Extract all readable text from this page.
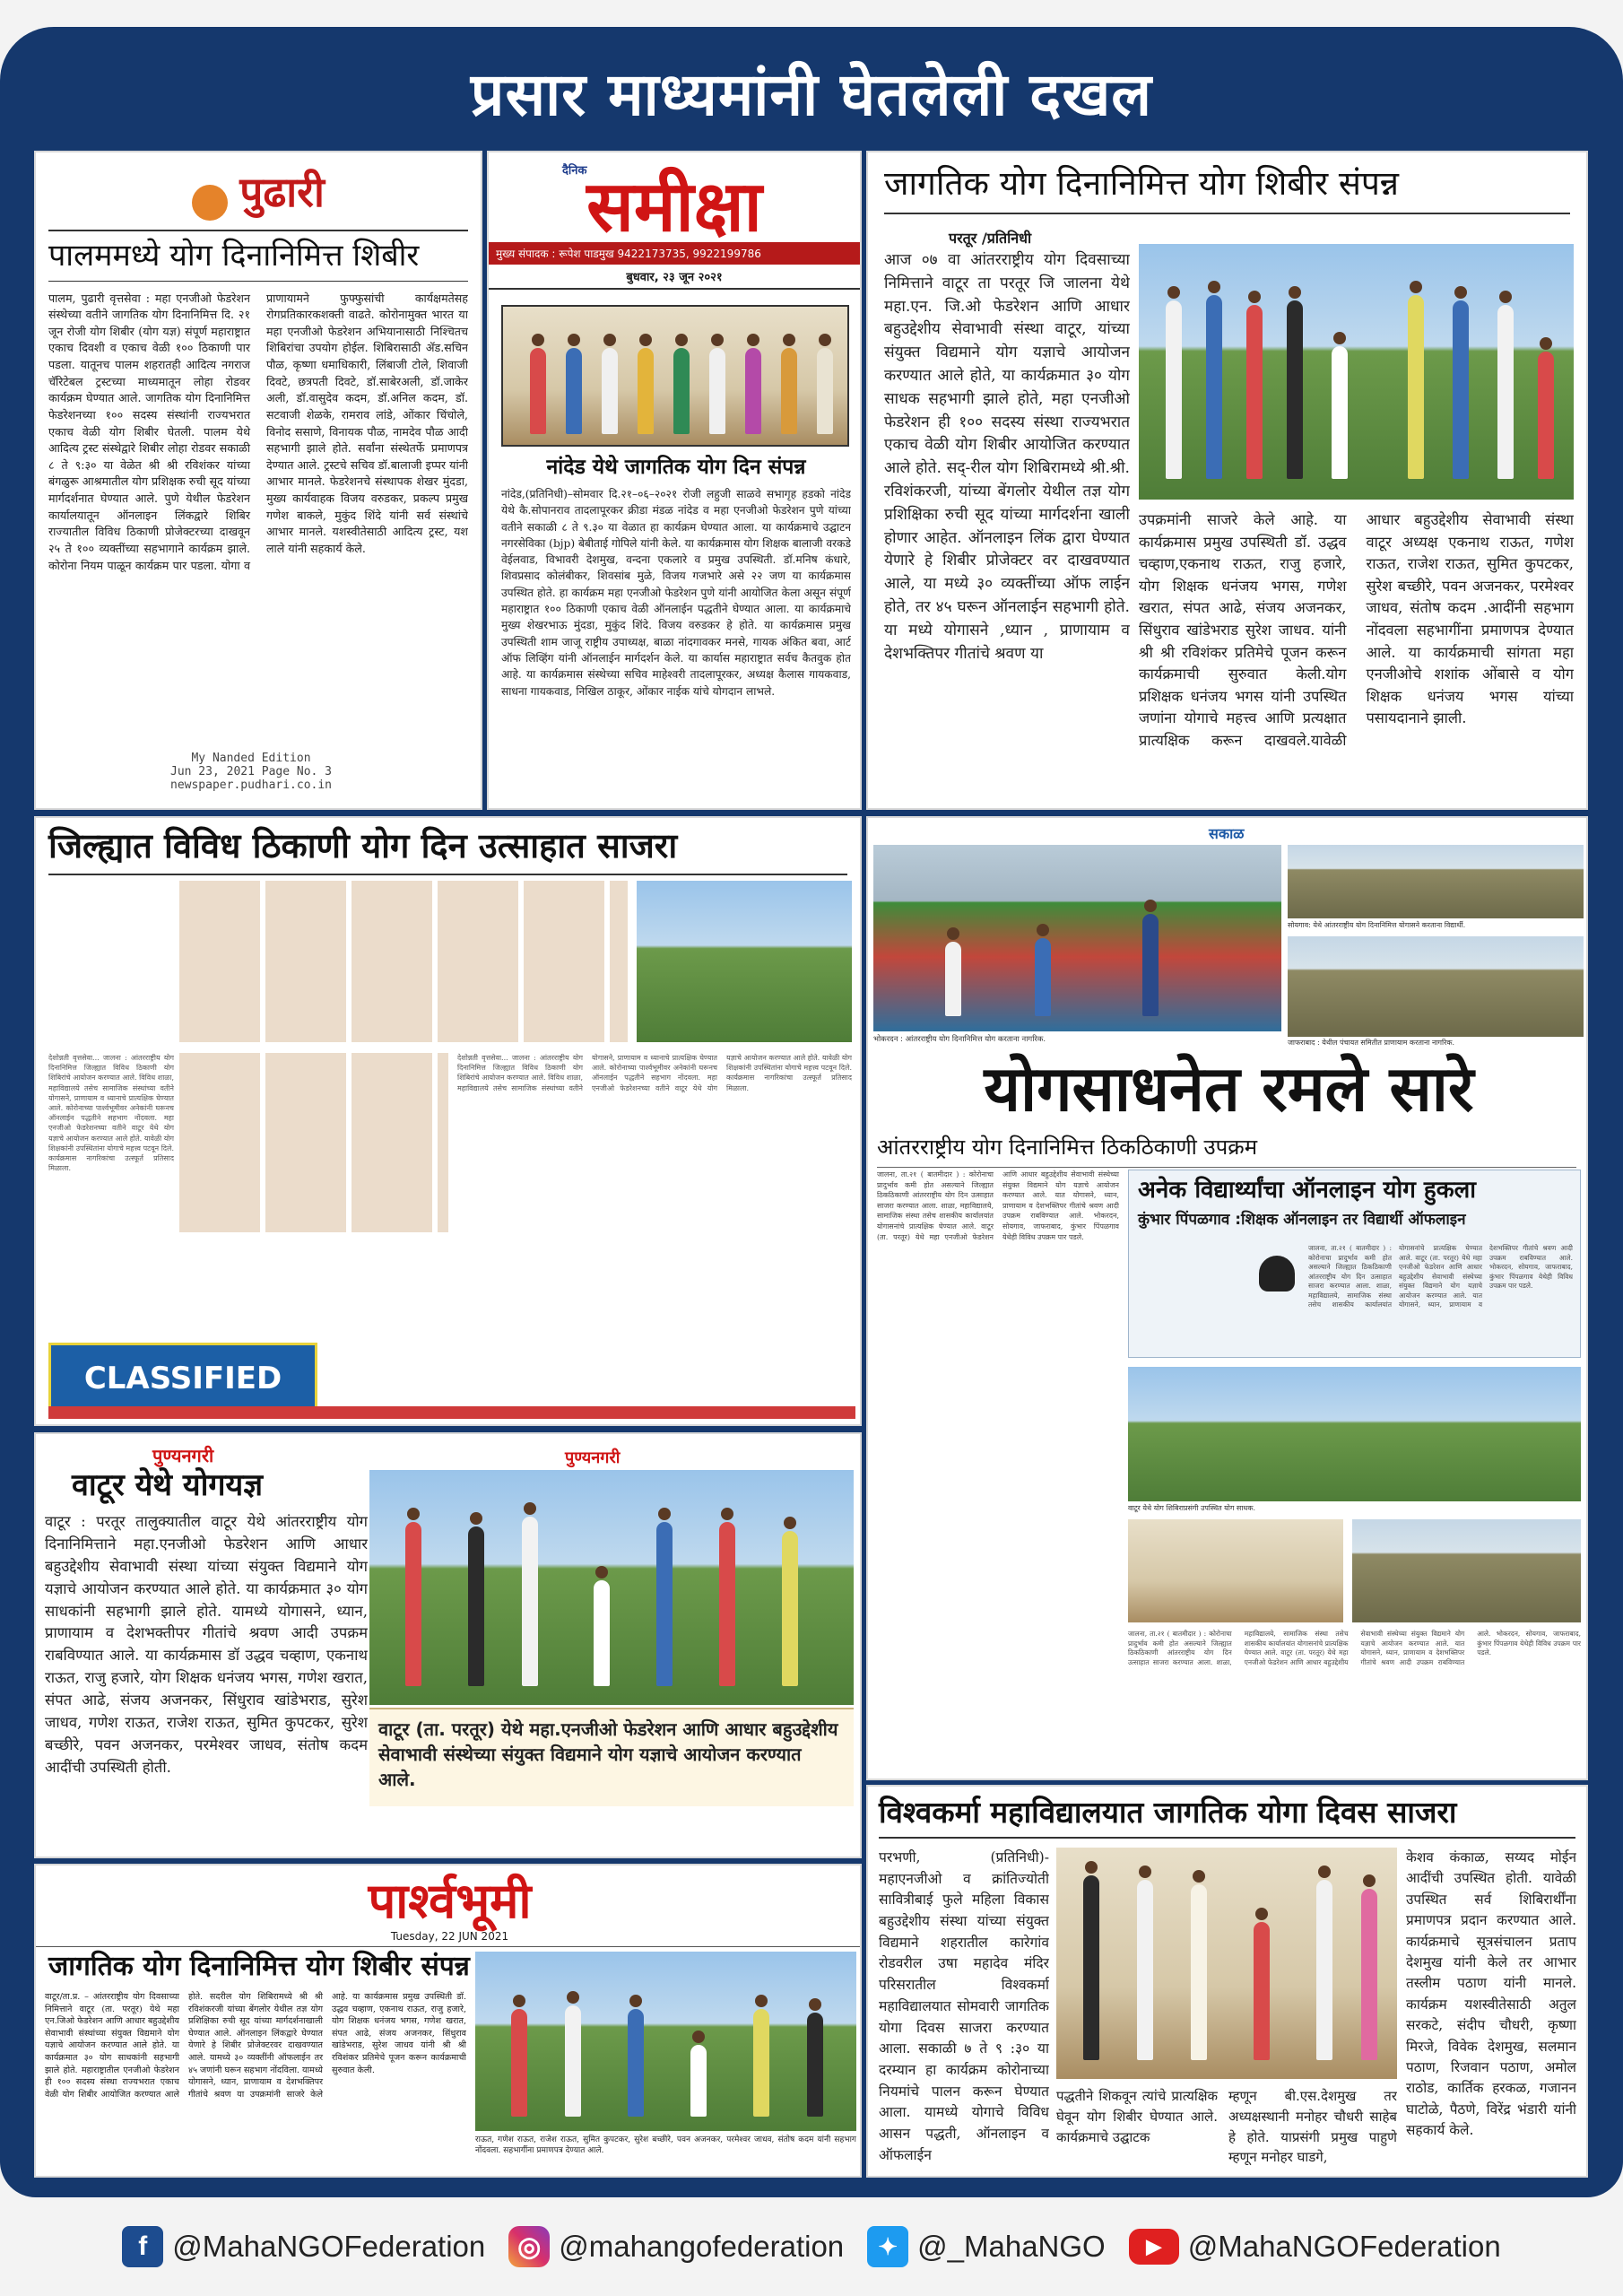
प्रसार माध्यमांनी घेतलेली दखल
पुढारी
पालममध्ये योग दिनानिमित्त शिबीर
पालम, पुढारी वृत्तसेवा : महा एनजीओ फेडरेशन संस्थेच्या वतीने जागतिक योग दिनानिमित्त दि. २१ जून रोजी योग शिबीर (योग यज्ञ) संपूर्ण महाराष्ट्रात एकाच दिवशी व एकाच वेळी १०० ठिकाणी पार पडला. यातूनच पालम शहरातही आदित्य नगराज चॅरिटेबल ट्रस्टच्या माध्यमातून लोहा रोडवर कार्यक्रम घेण्यात आले. जागतिक योग दिनानिमित्त फेडरेशनच्या १०० सदस्य संस्थांनी राज्यभरात एकाच वेळी योग शिबीर घेतली. पालम येथे आदित्य ट्रस्ट संस्थेद्वारे शिबीर लोहा रोडवर सकाळी ८ ते ९:३० या वेळेत श्री श्री रविशंकर यांच्या बंगळुरू आश्रमातील योग प्रशिक्षक रुची सूद यांच्या मार्गदर्शनात घेण्यात आले. पुणे येथील फेडरेशन कार्यालयातून ऑनलाइन लिंकद्वारे शिबिर राज्यातील विविध ठिकाणी प्रोजेक्टरच्या दाखवून २५ ते १०० व्यक्तींच्या सहभागाने कार्यक्रम झाले. कोरोना नियम पाळून कार्यक्रम पार पडला. योगा व प्राणायामने फुफ्फुसांची कार्यक्षमतेसह रोगप्रतिकारकशक्ती वाढते. कोरोनामुक्त भारत या महा एनजीओ फेडरेशन अभियानासाठी निश्चितच शिबिरांचा उपयोग होईल. शिबिरासाठी ॲड.सचिन पौळ, कृष्णा धमाधिकारी, लिंबाजी टोले, शिवाजी दिवटे, छत्रपती दिवटे, डॉ.साबेरअली, डॉ.जाकेर अली, डॉ.वासुदेव कदम, डॉ.अनिल कदम, डॉ. सटवाजी शेळके, रामराव लांडे, ओंकार चिंचोले, विनोद ससाणे, विनायक पौळ, नामदेव पौळ आदी सहभागी झाले होते. सर्वांना संस्थेतर्फे प्रमाणपत्र देण्यात आले. ट्रस्टचे सचिव डॉ.बालाजी इप्पर यांनी आभार मानले. फेडरेशनचे संस्थापक शेखर मुंदडा, मुख्य कार्यवाहक विजय वरुडकर, प्रकल्प प्रमुख गणेश बाकले, मुकुंद शिंदे यांनी सर्व संस्थांचे आभार मानले. यशस्वीतेसाठी आदित्य ट्रस्ट, यश लाले यांनी सहकार्य केले.
My Nanded Edition
Jun 23, 2021 Page No. 3
newspaper.pudhari.co.in
दैनिक समीक्षा
मुख्य संपादक : रूपेश पाडमुख 9422173735, 9922199786
बुधवार, २३ जून २०२१
नांदेड येथे जागतिक योग दिन संपन्न
नांदेड,(प्रतिनिधी)–सोमवार दि.२१–०६–२०२१ रोजी लहुजी साळवे सभागृह हडको नांदेड येथे कै.सोपानराव तादलापूरकर क्रीडा मंडळ नांदेड व महा एनजीओ फेडरेशन पुणे यांच्या वतीने सकाळी ८ ते ९.३० या वेळात हा कार्यक्रम घेण्यात आला. या कार्यक्रमाचे उद्घाटन नगरसेविका (bjp) बेबीताई गोपिले यांनी केले. या कार्यक्रमास योग शिक्षक बालाजी वरकडे वेईलवाड, विभावरी देशमुख, वन्दना एकलारे व प्रमुख उपस्थिती. डॉ.मनिष कंधारे, शिवप्रसाद कोलंबीकर, शिवसांब मुळे, विजय गजभारे असे २२ जण या कार्यक्रमास उपस्थित होते. हा कार्यक्रम महा एनजीओ फेडरेशन पुणे यांनी आयोजित केला असून संपूर्ण महाराष्ट्रात १०० ठिकाणी एकाच वेळी ऑनलाईन पद्धतीने घेण्यात आला. या कार्यक्रमाचे मुख्य शेखरभाऊ मुंदडा, मुकुंद शिंदे. विजय वरुडकर हे होते. या कार्यक्रमास प्रमुख उपस्थिती शाम जाजू राष्ट्रीय उपाध्यक्ष, बाळा नांदगावकर मनसे, गायक अंकित बवा, आर्ट ऑफ लिव्हिंग यांनी ऑनलाईन मार्गदर्शन केले. या कार्यास महाराष्ट्रात सर्वच कैतवुक होत आहे. या कार्यक्रमास संस्थेच्या सचिव माहेश्वरी तादलापूरकर, अध्यक्ष कैलास गायकवाड, साधना गायकवाड, निखिल ठाकूर, ओंकार नाईक यांचे योगदान लाभले.
जागतिक योग दिनानिमित्त योग शिबीर संपन्न
परतूर /प्रतिनिधी
आज ०७ वा आंतरराष्ट्रीय योग दिवसाच्या निमित्ताने वाटूर ता परतूर जि जालना येथे महा.एन. जि.ओ फेडरेशन आणि आधार बहुउद्देशीय सेवाभावी संस्था वाटूर, यांच्या संयुक्त विद्यमाने योग यज्ञाचे आयोजन करण्यात आले होते, या कार्यक्रमात ३० योग साधक सहभागी झाले होते, महा एनजीओ फेडरेशन ही १०० सदस्य संस्था राज्यभरात एकाच वेळी योग शिबीर आयोजित करण्यात आले होते. सद्-रील योग शिबिरामध्ये श्री.श्री. रविशंकरजी, यांच्या बेंगलोर येथील तज्ञ योग प्रशिक्षिका रुची सूद यांच्या मार्गदर्शना खाली होणार आहेत. ऑनलाइन लिंक द्वारा घेण्यात येणारे हे शिबीर प्रोजेक्टर वर दाखवण्यात आले, या मध्ये ३० व्यक्तींच्या ऑफ लाईन होते, तर ४५ घरून ऑनलाईन सहभागी होते. या मध्ये योगासने ,ध्यान , प्राणायाम व देशभक्तिपर गीतांचे श्रवण या
उपक्रमांनी साजरे केले आहे. या कार्यक्रमास प्रमुख उपस्थिती डॉ. उद्धव चव्हाण,एकनाथ राऊत, राजु हजारे, योग शिक्षक धनंजय भगस, गणेश खरात, संपत आढे, संजय अजनकर, सिंधुराव खांडेभराड सुरेश जाधव. यांनी श्री श्री रविशंकर प्रतिमेचे पूजन करून कार्यक्रमाची सुरुवात केली.योग प्रशिक्षक धनंजय भगस यांनी उपस्थित जणांना योगाचे महत्त्व आणि प्रत्यक्षात प्रात्यक्षिक करून दाखवले.यावेळी आधार बहुउद्देशीय सेवाभावी संस्था वाटूर अध्यक्ष एकनाथ राऊत, गणेश राऊत, राजेश राऊत, सुमित कुपटकर, सुरेश बच्छीरे, पवन अजनकर, परमेश्वर जाधव, संतोष कदम .आदींनी सहभाग नोंदवला सहभागींना प्रमाणपत्र देण्यात आले. या कार्यक्रमाची सांगता महा एनजीओचे शशांक ओंबासे व योग शिक्षक धनंजय भगस यांच्या पसायदानाने झाली.
जिल्ह्यात विविध ठिकाणी योग दिन उत्साहात साजरा
देशोन्नती वृत्तसेवा... जालना : आंतरराष्ट्रीय योग दिनानिमित्त जिल्ह्यात विविध ठिकाणी योग शिबिरांचे आयोजन करण्यात आले. विविध शाळा, महाविद्यालये तसेच सामाजिक संस्थांच्या वतीने योगासने, प्राणायाम व ध्यानाचे प्रात्यक्षिक घेण्यात आले. कोरोनाच्या पार्श्वभूमीवर अनेकांनी घरूनच ऑनलाईन पद्धतीने सहभाग नोंदवला. महा एनजीओ फेडरेशनच्या वतीने वाटूर येथे योग यज्ञाचे आयोजन करण्यात आले होते. यावेळी योग शिक्षकांनी उपस्थितांना योगाचे महत्त्व पटवून दिले. कार्यक्रमास नागरिकांचा उत्स्फूर्त प्रतिसाद मिळाला.
देशोन्नती वृत्तसेवा... जालना : आंतरराष्ट्रीय योग दिनानिमित्त जिल्ह्यात विविध ठिकाणी योग शिबिरांचे आयोजन करण्यात आले. विविध शाळा, महाविद्यालये तसेच सामाजिक संस्थांच्या वतीने योगासने, प्राणायाम व ध्यानाचे प्रात्यक्षिक घेण्यात आले. कोरोनाच्या पार्श्वभूमीवर अनेकांनी घरूनच ऑनलाईन पद्धतीने सहभाग नोंदवला. महा एनजीओ फेडरेशनच्या वतीने वाटूर येथे योग यज्ञाचे आयोजन करण्यात आले होते. यावेळी योग शिक्षकांनी उपस्थितांना योगाचे महत्त्व पटवून दिले. कार्यक्रमास नागरिकांचा उत्स्फूर्त प्रतिसाद मिळाला.
CLASSIFIED
सकाळ
भोकरदन : आंतरराष्ट्रीय योग दिनानिमित्त योग करताना नागरिक.
सोयगाव: येथे आंतरराष्ट्रीय योग दिनानिमित्त योगासने करताना विद्यार्थी.
जाफराबाद : येथील पंचायत समितीत प्राणायाम करताना नागरिक.
योगसाधनेत रमले सारे
आंतरराष्ट्रीय योग दिनानिमित्त ठिकठिकाणी उपक्रम
जालना, ता.२१ ( बातमीदार ) : कोरोनाचा प्रादुर्भाव कमी होत असल्याने जिल्ह्यात ठिकठिकाणी आंतरराष्ट्रीय योग दिन उत्साहात साजरा करण्यात आला. शाळा, महाविद्यालये, सामाजिक संस्था तसेच शासकीय कार्यालयांत योगासनांचे प्रात्यक्षिक घेण्यात आले. वाटूर (ता. परतूर) येथे महा एनजीओ फेडरेशन आणि आधार बहुउद्देशीय सेवाभावी संस्थेच्या संयुक्त विद्यमाने योग यज्ञाचे आयोजन करण्यात आले. यात योगासने, ध्यान, प्राणायाम व देशभक्तिपर गीतांचे श्रवण आदी उपक्रम राबविण्यात आले. भोकरदन, सोयगाव, जाफराबाद, कुंभार पिंपळगाव येथेही विविध उपक्रम पार पडले.
अनेक विद्यार्थ्यांचा ऑनलाइन योग हुकला
कुंभार पिंपळगाव :शिक्षक ऑनलाइन तर विद्यार्थी ऑफलाइन
जालना, ता.२१ ( बातमीदार ) : कोरोनाचा प्रादुर्भाव कमी होत असल्याने जिल्ह्यात ठिकठिकाणी आंतरराष्ट्रीय योग दिन उत्साहात साजरा करण्यात आला. शाळा, महाविद्यालये, सामाजिक संस्था तसेच शासकीय कार्यालयांत योगासनांचे प्रात्यक्षिक घेण्यात आले. वाटूर (ता. परतूर) येथे महा एनजीओ फेडरेशन आणि आधार बहुउद्देशीय सेवाभावी संस्थेच्या संयुक्त विद्यमाने योग यज्ञाचे आयोजन करण्यात आले. यात योगासने, ध्यान, प्राणायाम व देशभक्तिपर गीतांचे श्रवण आदी उपक्रम राबविण्यात आले. भोकरदन, सोयगाव, जाफराबाद, कुंभार पिंपळगाव येथेही विविध उपक्रम पार पडले.
वाटूर येथे योग शिबिराप्रसंगी उपस्थित योग साधक.
जालना, ता.२१ ( बातमीदार ) : कोरोनाचा प्रादुर्भाव कमी होत असल्याने जिल्ह्यात ठिकठिकाणी आंतरराष्ट्रीय योग दिन उत्साहात साजरा करण्यात आला. शाळा, महाविद्यालये, सामाजिक संस्था तसेच शासकीय कार्यालयांत योगासनांचे प्रात्यक्षिक घेण्यात आले. वाटूर (ता. परतूर) येथे महा एनजीओ फेडरेशन आणि आधार बहुउद्देशीय सेवाभावी संस्थेच्या संयुक्त विद्यमाने योग यज्ञाचे आयोजन करण्यात आले. यात योगासने, ध्यान, प्राणायाम व देशभक्तिपर गीतांचे श्रवण आदी उपक्रम राबविण्यात आले. भोकरदन, सोयगाव, जाफराबाद, कुंभार पिंपळगाव येथेही विविध उपक्रम पार पडले.
पुण्यनगरी
वाटूर येथे योगयज्ञ
वाटूर : परतूर तालुक्यातील वाटूर येथे आंतरराष्ट्रीय योग दिनानिमित्ताने महा.एनजीओ फेडरेशन आणि आधार बहुउद्देशीय सेवाभावी संस्था यांच्या संयुक्त विद्यमाने योग यज्ञाचे आयोजन करण्यात आले होते. या कार्यक्रमात ३० योग साधकांनी सहभागी झाले होते. यामध्ये योगासने, ध्यान, प्राणायाम व देशभक्तीपर गीतांचे श्रवण आदी उपक्रम राबविण्यात आले. या कार्यक्रमास डॉ उद्धव चव्हाण, एकनाथ राऊत, राजु हजारे, योग शिक्षक धनंजय भगस, गणेश खरात, संपत आढे, संजय अजनकर, सिंधुराव खांडेभराड, सुरेश जाधव, गणेश राऊत, राजेश राऊत, सुमित कुपटकर, सुरेश बच्छीरे, पवन अजनकर, परमेश्वर जाधव, संतोष कदम आदींची उपस्थिती होती.
पुण्यनगरी
वाटूर (ता. परतूर) येथे महा.एनजीओ फेडरेशन आणि आधार बहुउद्देशीय सेवाभावी संस्थेच्या संयुक्त विद्यमाने योग यज्ञाचे आयोजन करण्यात आले.
पार्श्वभूमी
Tuesday, 22 JUN 2021
जागतिक योग दिनानिमित्त योग शिबीर संपन्न
वाटूर/ता.प्र. – आंतरराष्ट्रीय योग दिवसाच्या निमित्ताने वाटूर (ता. परतूर) येथे महा एन.जिओ फेडरेशन आणि आधार बहुउद्देशीय सेवाभावी संस्थांच्या संयुक्त विद्यमाने योग यज्ञाचे आयोजन करण्यात आले होते. या कार्यक्रमात ३० योग साधकांनी सहभागी झाले होते. महाराष्ट्रातील एनजीओ फेडरेशन ही १०० सदस्य संस्था राज्यभरात एकाच वेळी योग शिबीर आयोजित करण्यात आले होते. सदरील योग शिबिरामध्ये श्री श्री रविशंकरजी यांच्या बेंगलोर येथील तज्ञ योग प्रशिक्षिका रुची सूद यांच्या मार्गदर्शनाखाली घेण्यात आले. ऑनलाइन लिंकद्वारे घेण्यात येणारे हे शिबीर प्रोजेक्टरवर दाखवण्यात आले. यामध्ये ३० व्यक्तींनी ऑफलाईन तर ४५ जणांनी घरून सहभाग नोंदविला. यामध्ये योगासने, ध्यान, प्राणायाम व देशभक्तिपर गीतांचे श्रवण या उपक्रमांनी साजरे केले आहे. या कार्यक्रमास प्रमुख उपस्थिती डॉ. उद्धव चव्हाण, एकनाथ राऊत, राजु हजारे, योग शिक्षक धनंजय भगस, गणेश खरात, संपत आढे, संजय अजनकर, सिंधुराव खांडेभराड, सुरेश जाधव यांनी श्री श्री रविशंकर प्रतिमेचे पूजन करून कार्यक्रमाची सुरुवात केली.
राऊत, गणेश राऊत, राजेश राऊत, सुमित कुपटकर, सुरेश बच्छीरे, पवन अजनकर, परमेश्वर जाधव, संतोष कदम यांनी सहभाग नोंदवला. सहभागींना प्रमाणपत्र देण्यात आले.
विश्वकर्मा महाविद्यालयात जागतिक योगा दिवस साजरा
परभणी, (प्रतिनिधी)- महाएनजीओ व क्रांतिज्योती सावित्रीबाई फुले महिला विकास बहुउद्देशीय संस्था यांच्या संयुक्त विद्यमाने शहरातील कारेगांव रोडवरील उषा महादेव मंदिर परिसरातील विश्वकर्मा महाविद्यालयात सोमवारी जागतिक योगा दिवस साजरा करण्यात आला. सकाळी ७ ते ९ :३० या दरम्यान हा कार्यक्रम कोरोनाच्या नियमांचे पालन करून घेण्यात आला. यामध्ये योगाचे विविध आसन पद्धती, ऑनलाइन व ऑफलाईन
पद्धतीने शिकवून त्यांचे प्रात्यक्षिक घेवून योग शिबीर घेण्यात आले. कार्यक्रमाचे उद्घाटक
म्हणून बी.एस.देशमुख तर अध्यक्षस्थानी मनोहर चौधरी साहेब हे होते. याप्रसंगी प्रमुख पाहुणे म्हणून मनोहर घाडगे,
केशव कंकाळ, सय्यद मोईन आदींची उपस्थित होती. यावेळी उपस्थित सर्व शिबिरार्थींना प्रमाणपत्र प्रदान करण्यात आले. कार्यक्रमाचे सूत्रसंचालन प्रताप देशमुख यांनी केले तर आभार तस्लीम पठाण यांनी मानले. कार्यक्रम यशस्वीतेसाठी अतुल सरकटे, संदीप चौधरी, कृष्णा मिरजे, विवेक देशमुख, सलमान पठाण, रिजवान पठाण, अमोल राठोड, कार्तिक हरकळ, गजानन घाटोळे, पैठणे, विरेंद्र भंडारी यांनी सहकार्य केले.
f @MahaNGOFederation	◎ @mahangofederation	✦ @_MahaNGO	▶ @MahaNGOFederation
